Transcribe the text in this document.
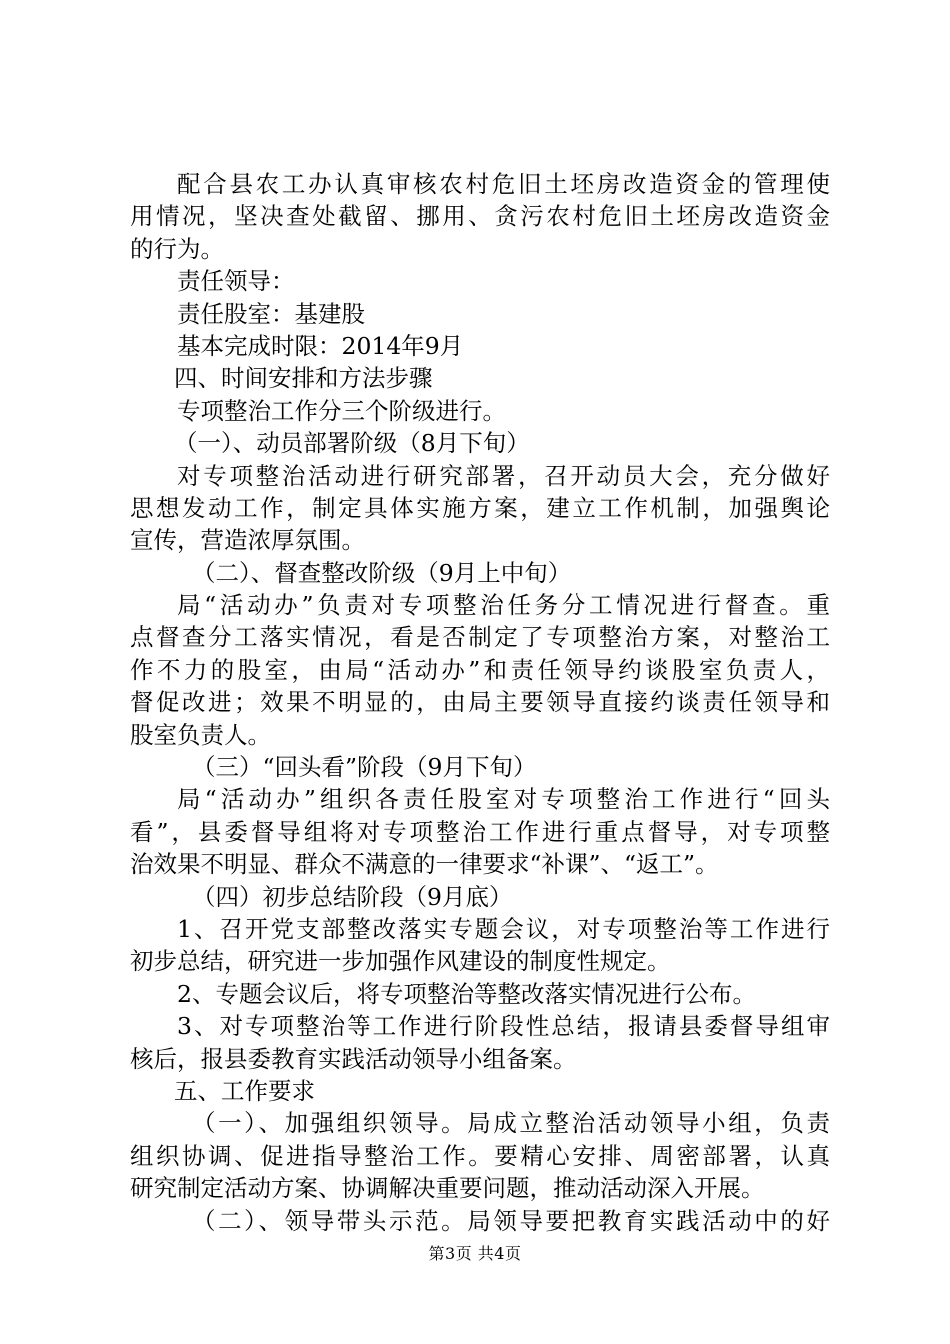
配合县农工办认真审核农村危旧土坯房改造资金的管理使
用情况，坚决查处截留、挪用、贪污农村危旧土坯房改造资金
的行为。
责任领导：
责任股室：基建股
基本完成时限：2014年9月
四、时间安排和方法步骤
专项整治工作分三个阶级进行。
（一）、动员部署阶级（8月下旬）
对专项整治活动进行研究部署，召开动员大会，充分做好
思想发动工作，制定具体实施方案，建立工作机制，加强舆论
宣传，营造浓厚氛围。
（二）、督查整改阶级（9月上中旬）
局“活动办”负责对专项整治任务分工情况进行督查。重
点督查分工落实情况，看是否制定了专项整治方案，对整治工
作不力的股室，由局“活动办”和责任领导约谈股室负责人，
督促改进；效果不明显的，由局主要领导直接约谈责任领导和
股室负责人。
（三）“回头看”阶段（9月下旬）
局“活动办”组织各责任股室对专项整治工作进行“回头
看”，县委督导组将对专项整治工作进行重点督导，对专项整
治效果不明显、群众不满意的一律要求“补课”、“返工”。
（四）初步总结阶段（9月底）
1、召开党支部整改落实专题会议，对专项整治等工作进行
初步总结，研究进一步加强作风建设的制度性规定。
2、专题会议后，将专项整治等整改落实情况进行公布。
3、对专项整治等工作进行阶段性总结，报请县委督导组审
核后，报县委教育实践活动领导小组备案。
五、工作要求
（一）、加强组织领导。局成立整治活动领导小组，负责
组织协调、促进指导整治工作。要精心安排、周密部署，认真
研究制定活动方案、协调解决重要问题，推动活动深入开展。
（二）、领导带头示范。局领导要把教育实践活动中的好
第3页 共4页
